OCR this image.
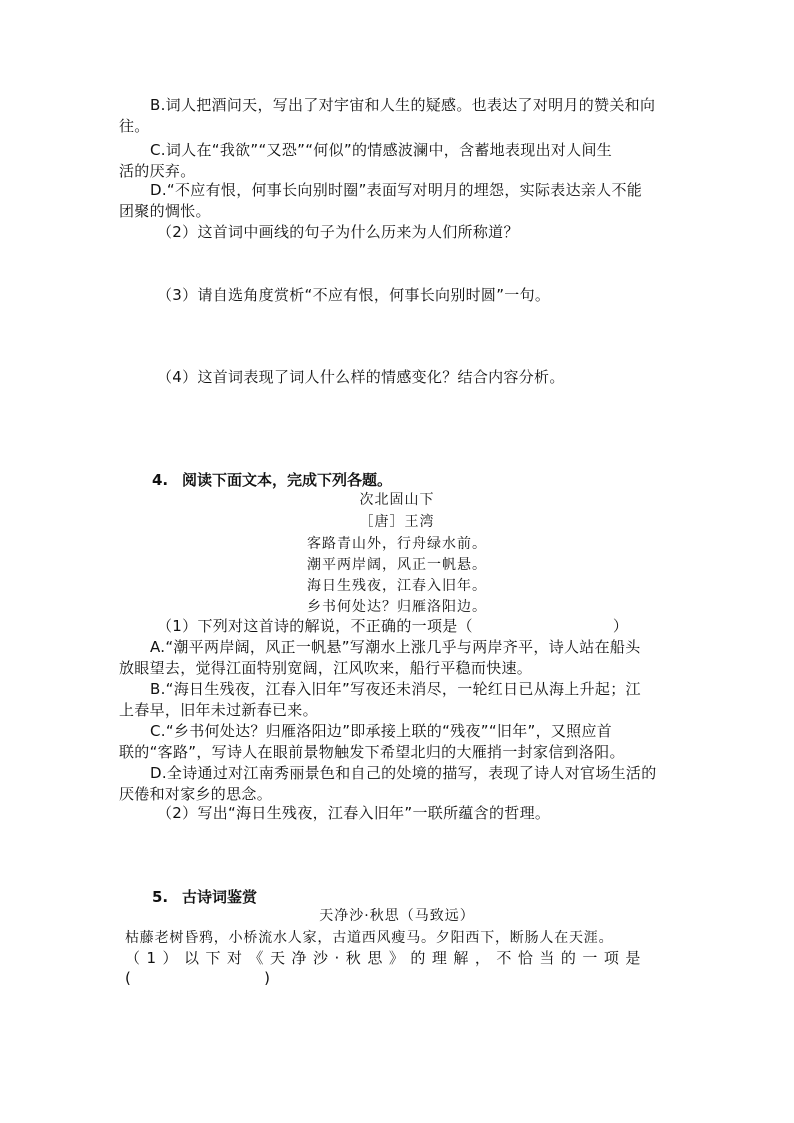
B.词人把酒问天，写出了对宇宙和人生的疑感。也表达了对明月的赞关和向
往。
C.词人在“我欲”“又恐”“何似”的情感波澜中，含蓄地表现出对人间生
活的厌弃。
D.“不应有恨，何事长向别时圈”表面写对明月的埋怨，实际表达亲人不能
团聚的惆怅。
（2）这首词中画线的句子为什么历来为人们所称道？
（3）请自选角度赏析“不应有恨，何事长向别时圆”一句。
（4）这首词表现了词人什么样的情感变化？结合内容分析。
4. 阅读下面文本，完成下列各题。
次北固山下
［唐］王湾
客路青山外，行舟绿水前。
潮平两岸阔，风正一帆悬。
海日生残夜，江春入旧年。
乡书何处达？归雁洛阳边。
（1）下列对这首诗的解说，不正确的一项是（	）
A.“潮平两岸阔，风正一帆悬”写潮水上涨几乎与两岸齐平，诗人站在船头
放眼望去，觉得江面特别宽阔，江风吹来，船行平稳而快速。
B.“海日生残夜，江春入旧年”写夜还未消尽，一轮红日已从海上升起；江
上春早，旧年未过新春已来。
C.“乡书何处达？归雁洛阳边”即承接上联的“残夜”“旧年”，又照应首
联的“客路”，写诗人在眼前景物触发下希望北归的大雁捎一封家信到洛阳。
D.全诗通过对江南秀丽景色和自己的处境的描写，表现了诗人对官场生活的
厌倦和对家乡的思念。
（2）写出“海日生残夜，江春入旧年”一联所蕴含的哲理。
5. 古诗词鉴赏
天净沙·秋思（马致远）
枯藤老树昏鸦，小桥流水人家，古道西风瘦马。夕阳西下，断肠人在天涯。
（1）以下对《天净沙·秋思》的理解，不恰当的一项是
(	)
